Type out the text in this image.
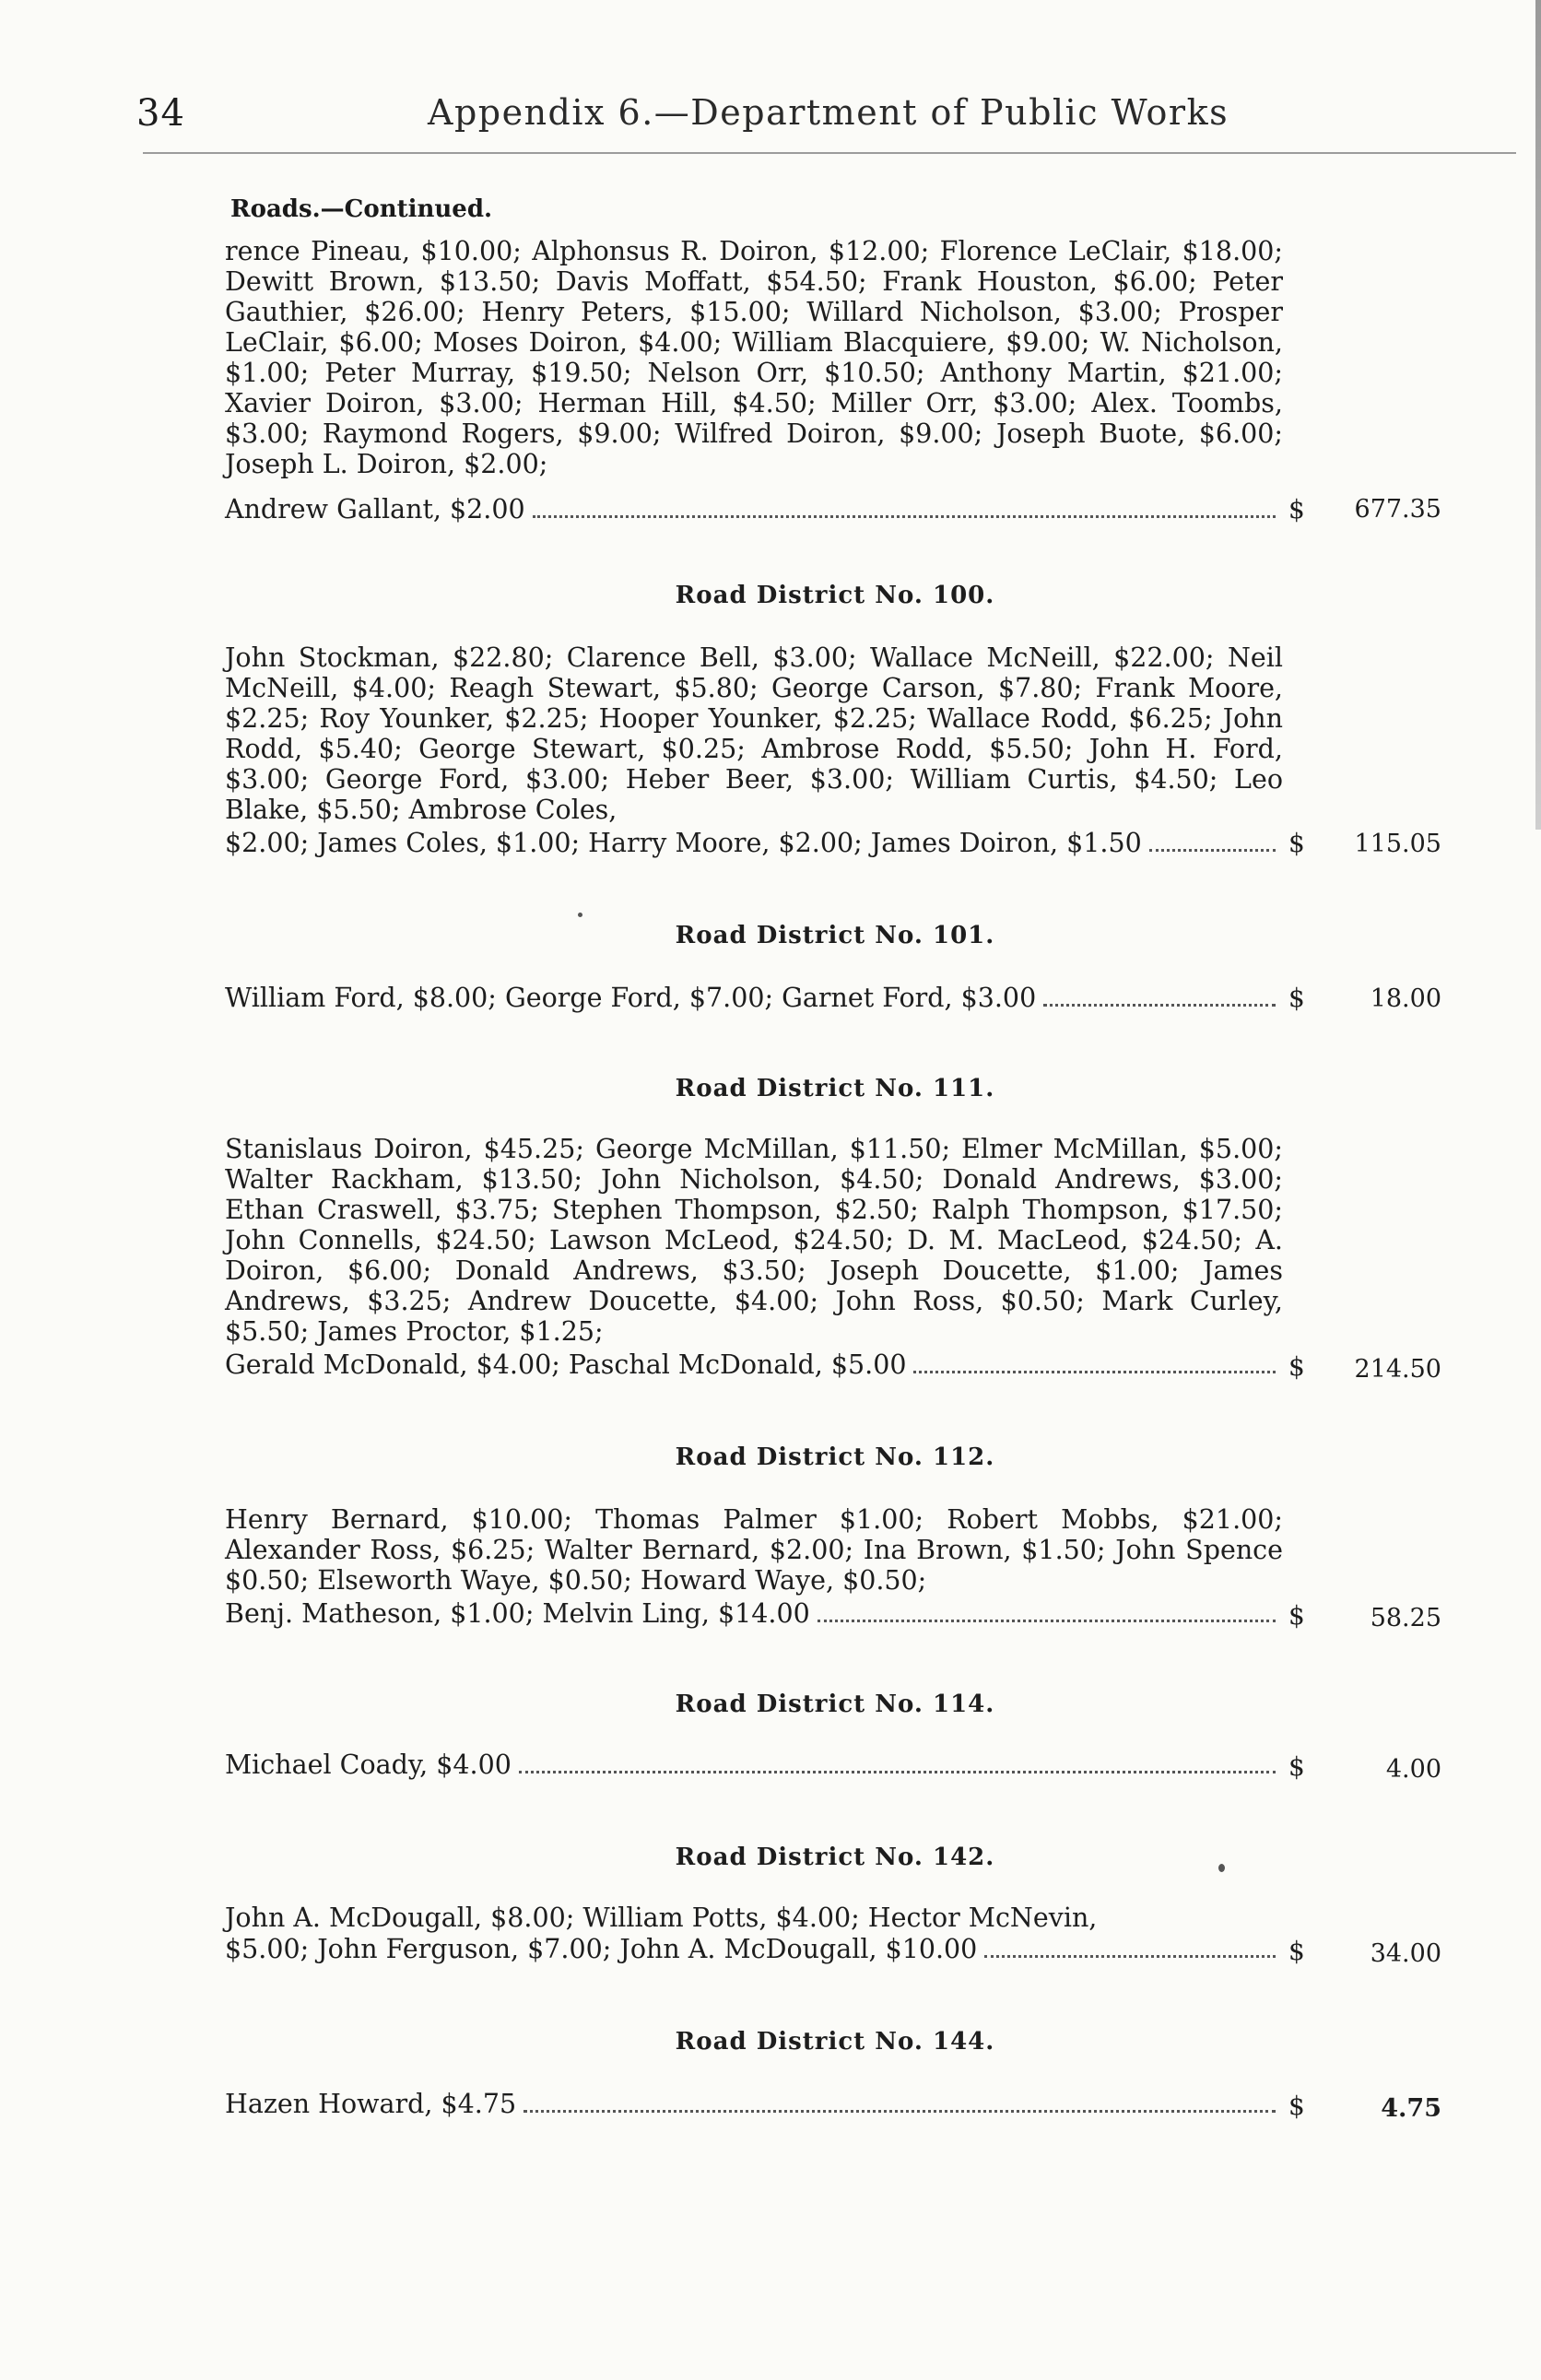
34	Appendix 6.—Department of Public Works
Roads.—Continued.
rence Pineau, $10.00; Alphonsus R. Doiron, $12.00; Florence LeClair, $18.00; Dewitt Brown, $13.50; Davis Moffatt, $54.50; Frank Houston, $6.00; Peter Gauthier, $26.00; Henry Peters, $15.00; Willard Nicholson, $3.00; Prosper LeClair, $6.00; Moses Doiron, $4.00; William Blacquiere, $9.00; W. Nicholson, $1.00; Peter Murray, $19.50; Nelson Orr, $10.50; Anthony Martin, $21.00; Xavier Doiron, $3.00; Herman Hill, $4.50; Miller Orr, $3.00; Alex. Toombs, $3.00; Raymond Rogers, $9.00; Wilfred Doiron, $9.00; Joseph Buote, $6.00; Joseph L. Doiron, $2.00;
Andrew Gallant, $2.00	$ 677.35
Road District No. 100.
John Stockman, $22.80; Clarence Bell, $3.00; Wallace McNeill, $22.00; Neil McNeill, $4.00; Reagh Stewart, $5.80; George Carson, $7.80; Frank Moore, $2.25; Roy Younker, $2.25; Hooper Younker, $2.25; Wallace Rodd, $6.25; John Rodd, $5.40; George Stewart, $0.25; Ambrose Rodd, $5.50; John H. Ford, $3.00; George Ford, $3.00; Heber Beer, $3.00; William Curtis, $4.50; Leo Blake, $5.50; Ambrose Coles,
$2.00; James Coles, $1.00; Harry Moore, $2.00; James Doiron, $1.50	$ 115.05
Road District No. 101.
William Ford, $8.00; George Ford, $7.00; Garnet Ford, $3.00	$	18.00
Road District No. 111.
Stanislaus Doiron, $45.25; George McMillan, $11.50; Elmer McMillan, $5.00; Walter Rackham, $13.50; John Nicholson, $4.50; Donald Andrews, $3.00; Ethan Craswell, $3.75; Stephen Thompson, $2.50; Ralph Thompson, $17.50; John Connells, $24.50; Lawson McLeod, $24.50; D. M. MacLeod, $24.50; A. Doiron, $6.00; Donald Andrews, $3.50; Joseph Doucette, $1.00; James Andrews, $3.25; Andrew Doucette, $4.00; John Ross, $0.50; Mark Curley, $5.50; James Proctor, $1.25;
Gerald McDonald, $4.00; Paschal McDonald, $5.00	$ 214.50
Road District No. 112.
Henry Bernard, $10.00; Thomas Palmer $1.00; Robert Mobbs, $21.00; Alexander Ross, $6.25; Walter Bernard, $2.00; Ina Brown, $1.50; John Spence $0.50; Elseworth Waye, $0.50; Howard Waye, $0.50;
Benj. Matheson, $1.00; Melvin Ling, $14.00	$	58.25
Road District No. 114.
Michael Coady, $4.00	$	4.00
Road District No. 142.
John A. McDougall, $8.00; William Potts, $4.00; Hector McNevin,
$5.00; John Ferguson, $7.00; John A. McDougall, $10.00	$	34.00
Road District No. 144.
Hazen Howard, $4.75	$	4.75
